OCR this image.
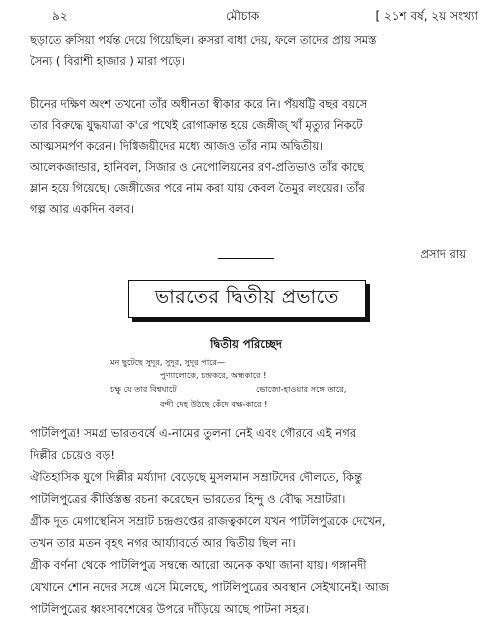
৯২	মৌচাক	[ ২১শ বর্ষ, ২য় সংখ্যা

ছড়াতে রুসিয়া পর্যন্ত দেয়ে গিয়েছিল। রুসরা বাধা দেয়, ফলে তাদের প্রায় সমস্ত
সৈন্য ( বিরাশী হাজার ) মারা পড়ে।

চীনের দক্ষিণ অংশ তখনো তাঁর অধীনতা স্বীকার করে নি। পঁয়ষট্টি বছর বয়সে
তার বিরুদ্ধে যুদ্ধযাত্রা ক'রে পথেই রোগাক্রান্ত হয়ে জেঙ্গীজ্ খাঁ মৃত্যুর নিকটে
আত্মসমর্পণ করেন। দিগ্বিজয়ীদের মধ্যে আজও তাঁর নাম অদ্বিতীয়।

আলেকজান্ডার, হানিবল, সিজার ও নেপোলিয়নের রণ-প্রতিভাও তাঁর কাছে
ম্লান হয়ে গিয়েছে। জেঙ্গীজের পরে নাম করা যায় কেবল তৈমুর লংয়ের। তাঁর
গল্প আর একদিন বলব।

প্রসাদ রায়
ভারতের দ্বিতীয় প্রভাতে
দ্বিতীয় পরিচ্ছেদ
মন ছুটেছে সুদূর, সুদূর, সুদূর পারে—
পুণ্যালোকে, চন্দ্রকরে, অন্ধকারে !
চক্ষু যে তার বিশ্বঘাটে	ভোজো-হাওয়ার সঙ্গে তারে,
বন্দী দেহ উঠছে কেঁদে বক্ষ-কারে !

পাটলিপুত্র! সমগ্র ভারতবর্ষে এ-নামের তুলনা নেই এবং গৌরবে এই নগর
দিল্লীর চেয়েও বড়!

ঐতিহাসিক যুগে দিল্লীর মর্য্যাদা বেড়েছে মুসলমান সম্রাটদের দৌলতে, কিন্তু
পাটলিপুত্রের কীর্ত্তিস্তম্ভ রচনা করেছেন ভারতের হিন্দু ও বৌদ্ধ সম্রাটরা।

গ্রীক দূত মেগাস্থেনিস সম্রাট চন্দ্রগুপ্তের রাজত্বকালে যখন পাটলিপুত্রকে দেখেন,
তখন তার মতন বৃহৎ নগর আর্য্যাবর্তে আর দ্বিতীয় ছিল না।

গ্রীক বর্ণনা থেকে পাটলিপুত্র সম্বন্ধে আরো অনেক কথা জানা যায়। গঙ্গানদী
যেখানে শোন নদের সঙ্গে এসে মিলেছে, পাটলিপুত্রের অবস্থান সেইখানেই। আজ
পাটলিপুত্রের ধ্বংসাবশেষের উপরে দাঁড়িয়ে আছে পাটনা সহর।
